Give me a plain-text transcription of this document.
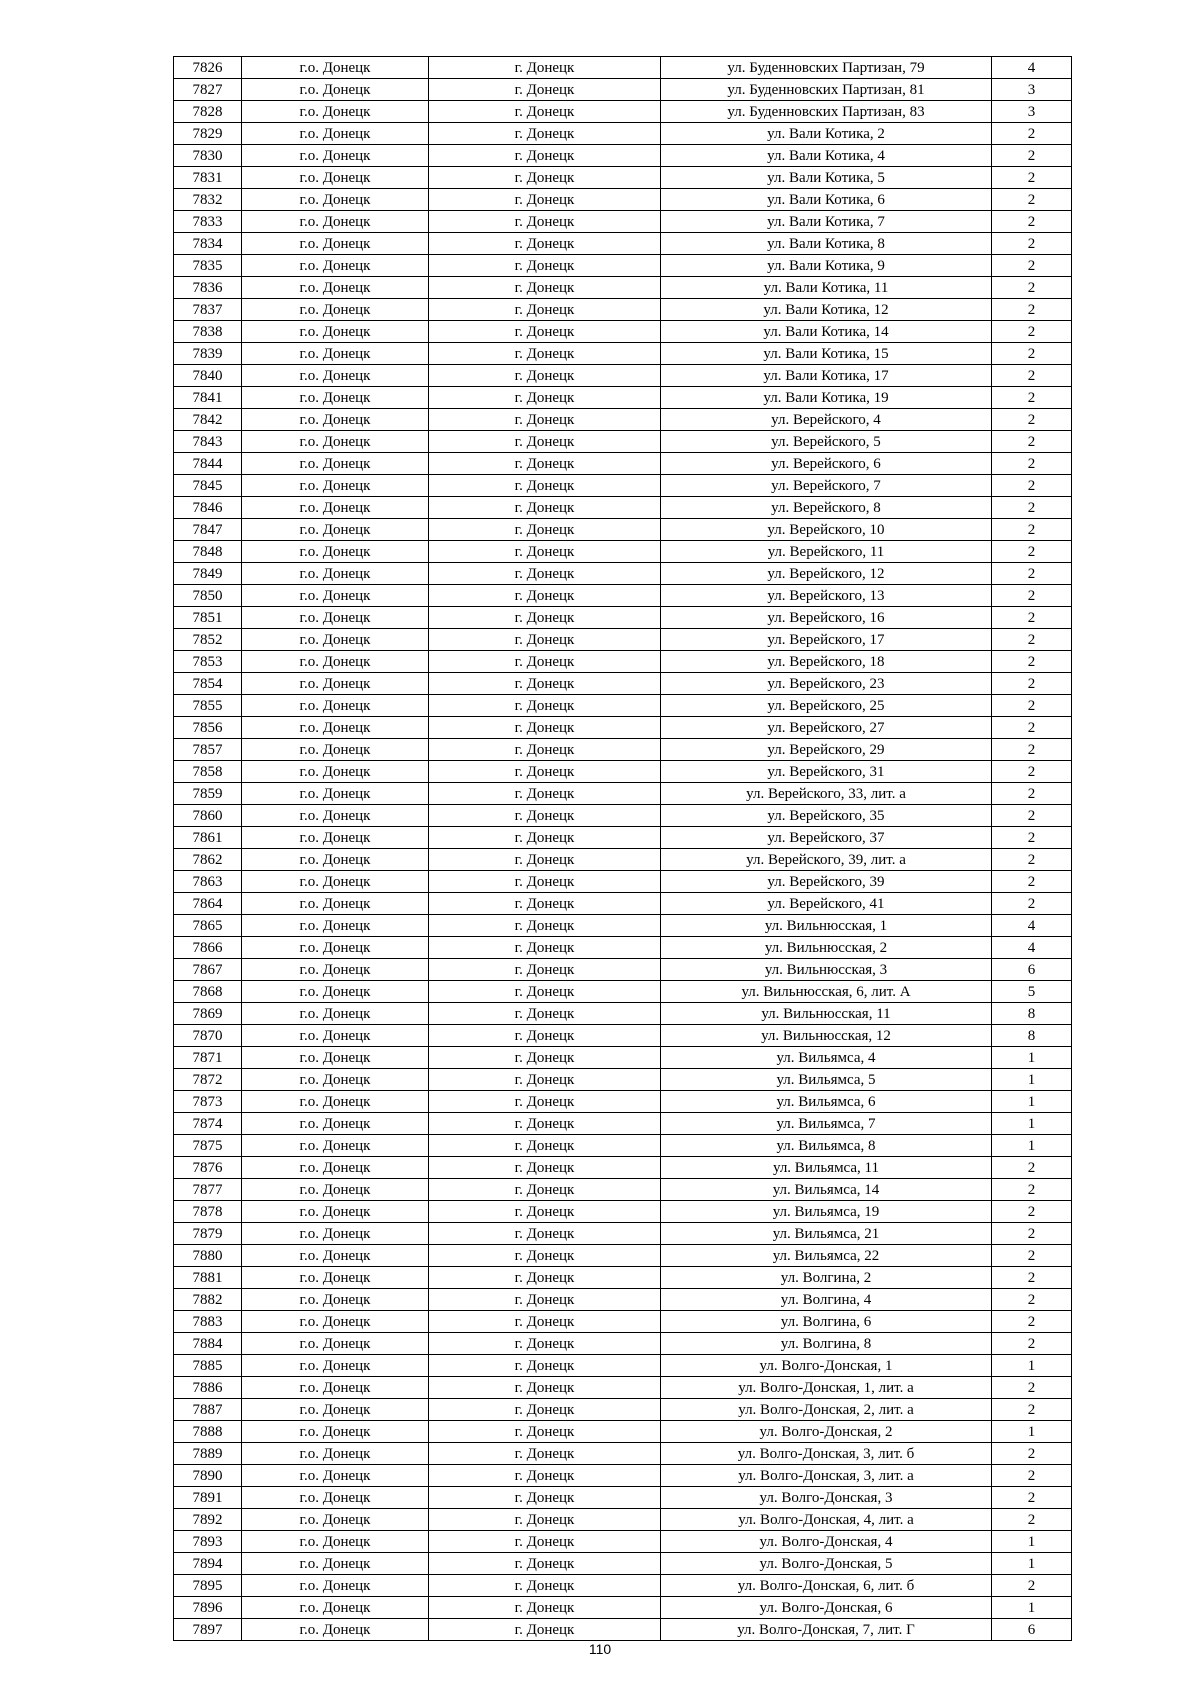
7826	г.о. Донецк	г. Донецк	ул. Буденновских Партизан, 79	4
7827	г.о. Донецк	г. Донецк	ул. Буденновских Партизан, 81	3
7828	г.о. Донецк	г. Донецк	ул. Буденновских Партизан, 83	3
7829	г.о. Донецк	г. Донецк	ул. Вали Котика, 2	2
7830	г.о. Донецк	г. Донецк	ул. Вали Котика, 4	2
7831	г.о. Донецк	г. Донецк	ул. Вали Котика, 5	2
7832	г.о. Донецк	г. Донецк	ул. Вали Котика, 6	2
7833	г.о. Донецк	г. Донецк	ул. Вали Котика, 7	2
7834	г.о. Донецк	г. Донецк	ул. Вали Котика, 8	2
7835	г.о. Донецк	г. Донецк	ул. Вали Котика, 9	2
7836	г.о. Донецк	г. Донецк	ул. Вали Котика, 11	2
7837	г.о. Донецк	г. Донецк	ул. Вали Котика, 12	2
7838	г.о. Донецк	г. Донецк	ул. Вали Котика, 14	2
7839	г.о. Донецк	г. Донецк	ул. Вали Котика, 15	2
7840	г.о. Донецк	г. Донецк	ул. Вали Котика, 17	2
7841	г.о. Донецк	г. Донецк	ул. Вали Котика, 19	2
7842	г.о. Донецк	г. Донецк	ул. Верейского, 4	2
7843	г.о. Донецк	г. Донецк	ул. Верейского, 5	2
7844	г.о. Донецк	г. Донецк	ул. Верейского, 6	2
7845	г.о. Донецк	г. Донецк	ул. Верейского, 7	2
7846	г.о. Донецк	г. Донецк	ул. Верейского, 8	2
7847	г.о. Донецк	г. Донецк	ул. Верейского, 10	2
7848	г.о. Донецк	г. Донецк	ул. Верейского, 11	2
7849	г.о. Донецк	г. Донецк	ул. Верейского, 12	2
7850	г.о. Донецк	г. Донецк	ул. Верейского, 13	2
7851	г.о. Донецк	г. Донецк	ул. Верейского, 16	2
7852	г.о. Донецк	г. Донецк	ул. Верейского, 17	2
7853	г.о. Донецк	г. Донецк	ул. Верейского, 18	2
7854	г.о. Донецк	г. Донецк	ул. Верейского, 23	2
7855	г.о. Донецк	г. Донецк	ул. Верейского, 25	2
7856	г.о. Донецк	г. Донецк	ул. Верейского, 27	2
7857	г.о. Донецк	г. Донецк	ул. Верейского, 29	2
7858	г.о. Донецк	г. Донецк	ул. Верейского, 31	2
7859	г.о. Донецк	г. Донецк	ул. Верейского, 33, лит. а	2
7860	г.о. Донецк	г. Донецк	ул. Верейского, 35	2
7861	г.о. Донецк	г. Донецк	ул. Верейского, 37	2
7862	г.о. Донецк	г. Донецк	ул. Верейского, 39, лит. а	2
7863	г.о. Донецк	г. Донецк	ул. Верейского, 39	2
7864	г.о. Донецк	г. Донецк	ул. Верейского, 41	2
7865	г.о. Донецк	г. Донецк	ул. Вильнюсская, 1	4
7866	г.о. Донецк	г. Донецк	ул. Вильнюсская, 2	4
7867	г.о. Донецк	г. Донецк	ул. Вильнюсская, 3	6
7868	г.о. Донецк	г. Донецк	ул. Вильнюсская, 6, лит. А	5
7869	г.о. Донецк	г. Донецк	ул. Вильнюсская, 11	8
7870	г.о. Донецк	г. Донецк	ул. Вильнюсская, 12	8
7871	г.о. Донецк	г. Донецк	ул. Вильямса, 4	1
7872	г.о. Донецк	г. Донецк	ул. Вильямса, 5	1
7873	г.о. Донецк	г. Донецк	ул. Вильямса, 6	1
7874	г.о. Донецк	г. Донецк	ул. Вильямса, 7	1
7875	г.о. Донецк	г. Донецк	ул. Вильямса, 8	1
7876	г.о. Донецк	г. Донецк	ул. Вильямса, 11	2
7877	г.о. Донецк	г. Донецк	ул. Вильямса, 14	2
7878	г.о. Донецк	г. Донецк	ул. Вильямса, 19	2
7879	г.о. Донецк	г. Донецк	ул. Вильямса, 21	2
7880	г.о. Донецк	г. Донецк	ул. Вильямса, 22	2
7881	г.о. Донецк	г. Донецк	ул. Волгина, 2	2
7882	г.о. Донецк	г. Донецк	ул. Волгина, 4	2
7883	г.о. Донецк	г. Донецк	ул. Волгина, 6	2
7884	г.о. Донецк	г. Донецк	ул. Волгина, 8	2
7885	г.о. Донецк	г. Донецк	ул. Волго-Донская, 1	1
7886	г.о. Донецк	г. Донецк	ул. Волго-Донская, 1, лит. а	2
7887	г.о. Донецк	г. Донецк	ул. Волго-Донская, 2, лит. а	2
7888	г.о. Донецк	г. Донецк	ул. Волго-Донская, 2	1
7889	г.о. Донецк	г. Донецк	ул. Волго-Донская, 3, лит. б	2
7890	г.о. Донецк	г. Донецк	ул. Волго-Донская, 3, лит. а	2
7891	г.о. Донецк	г. Донецк	ул. Волго-Донская, 3	2
7892	г.о. Донецк	г. Донецк	ул. Волго-Донская, 4, лит. а	2
7893	г.о. Донецк	г. Донецк	ул. Волго-Донская, 4	1
7894	г.о. Донецк	г. Донецк	ул. Волго-Донская, 5	1
7895	г.о. Донецк	г. Донецк	ул. Волго-Донская, 6, лит. б	2
7896	г.о. Донецк	г. Донецк	ул. Волго-Донская, 6	1
7897	г.о. Донецк	г. Донецк	ул. Волго-Донская, 7, лит. Г	6
110
